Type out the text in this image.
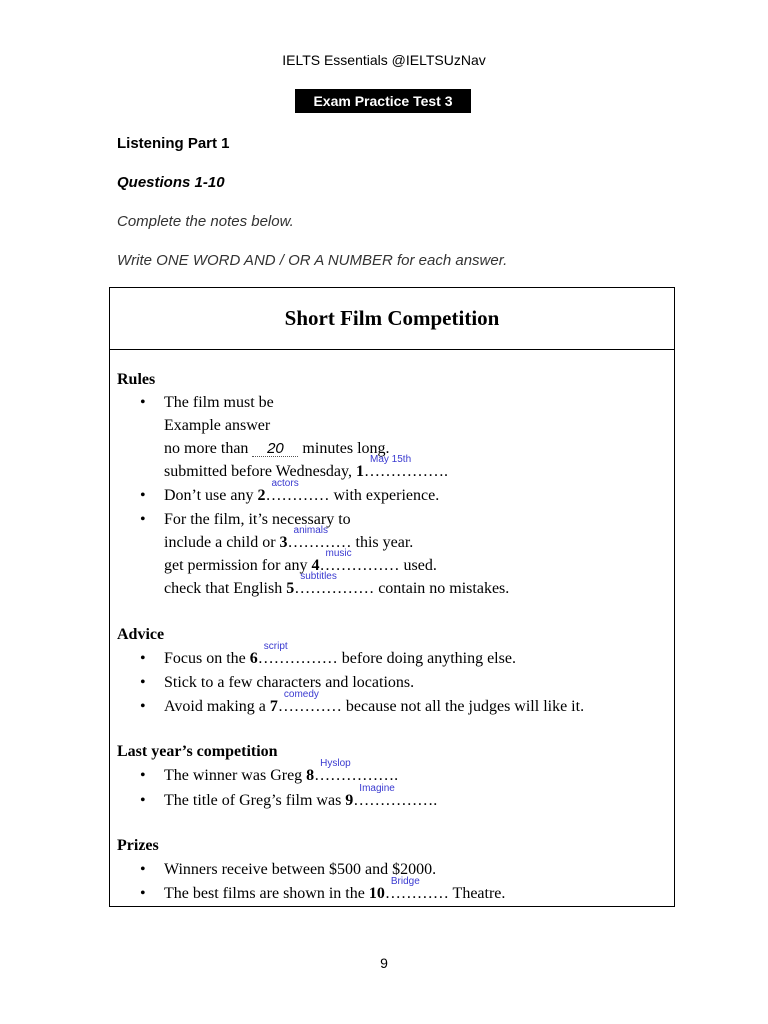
IELTS Essentials @IELTSUzNav
Exam Practice Test 3
Listening Part 1
Questions 1-10
Complete the notes below.
Write ONE WORD AND / OR A NUMBER for each answer.
Short Film Competition
Rules
• The film must be
Example answer
no more than 20 minutes long.
submitted before Wednesday, 1……………
May 15th
.
• Don’t use any 2…………
actors
with experience.
• For the film, it’s necessary to
include a child or 3…………
animals
this year.
get permission for any 4……………
music
used.
check that English 5……………
subtitles
contain no mistakes.
Advice
• Focus on the 6……………
script
before doing anything else.
• Stick to a few characters and locations.
• Avoid making a 7…………
comedy
because not all the judges will like it.
Last year’s competition
• The winner was Greg 8……………
Hyslop
.
• The title of Greg’s film was 9……………
Imagine
.
Prizes
• Winners receive between $500 and $2000.
• The best films are shown in the 10…………
Bridge
Theatre.
9
